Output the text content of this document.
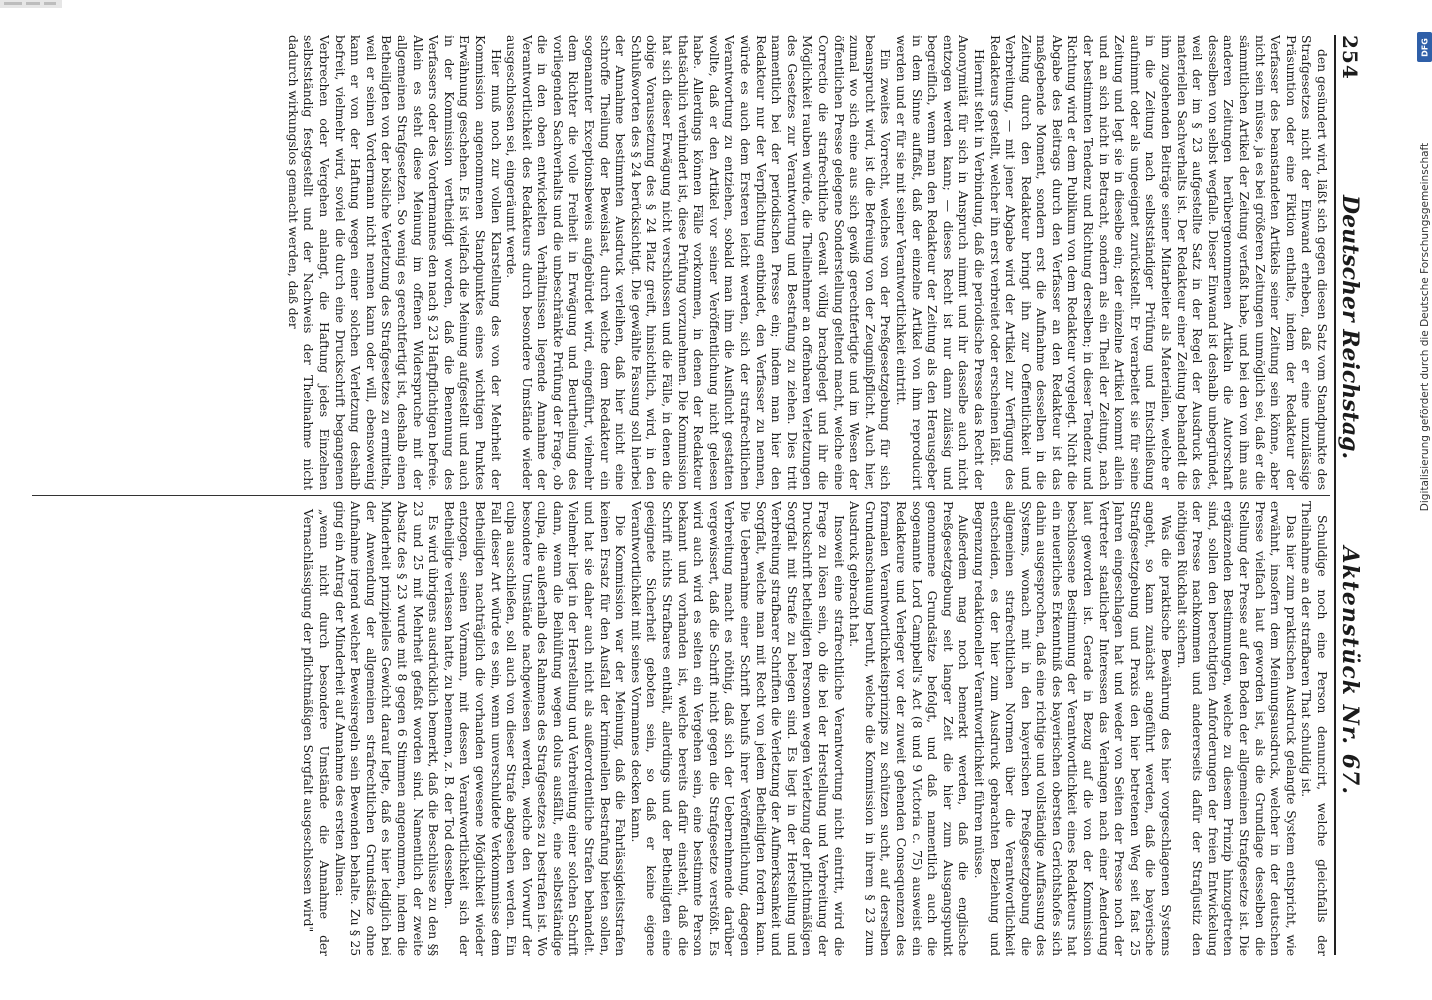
DFG
Digitalisierung gefördert durch die Deutsche Forschungsgemeinschaft
254
Deutscher Reichstag.
Aktenstück Nr. 67.

den gesündert wird, läßt sich gegen diesen Satz vom Standpunkte des Strafgesetzes nicht der Einwand erheben, daß er eine unzulässige Präsumtion oder eine Fiktion enthalte, indem der Redakteur der Verfasser des beanstandeten Artikels seiner Zeitung sein könne, aber nicht sein müsse, ja es bei größeren Zeitungen unmöglich sei, daß er die sämmtlichen Artikel der Zeitung verfaßt habe, und bei den von ihm aus anderen Zeitungen herübergenommenen Artikeln die Autorschaft desselben von selbst wegfalle. Dieser Einwand ist deshalb unbegründet, weil der im § 23 aufgestellte Satz in der Regel der Ausdruck des materiellen Sachverhalts ist. Der Redakteur einer Zeitung behandelt die ihm zugehenden Beiträge seiner Mitarbeiter als Materialien, welche er in die Zeitung nach selbstständiger Prüfung und Entschließung aufnimmt oder als ungeeignet zurückstellt. Er verarbeitet sie für seine Zeitung und legt sie in dieselbe ein; der einzelne Artikel kommt allein und an sich nicht in Betracht, sondern als ein Theil der Zeitung, nach der bestimmten Tendenz und Richtung derselben; in dieser Tendenz und Richtung wird er dem Publikum von dem Redakteur vorgelegt. Nicht die Abgabe des Beitrags durch den Verfasser an den Redakteur ist das maßgebende Moment, sondern erst die Aufnahme desselben in die Zeitung durch den Redakteur bringt ihn zur Oeffentlichkeit und Verbreitung, — mit jener Abgabe wird der Artikel zur Verfügung des Redakteurs gestellt, welcher ihn erst verbreitet oder erscheinen läßt.

Hiermit steht in Verbindung, daß die periodische Presse das Recht der Anonymität für sich in Anspruch nimmt und ihr dasselbe auch nicht entzogen werden kann; — dieses Recht ist nur dann zulässig und begreiflich, wenn man den Redakteur der Zeitung als den Herausgeber in dem Sinne auffaßt, daß der einzelne Artikel von ihm reproducirt werden und er für sie mit seiner Verantwortlichkeit eintritt.

Ein zweites Vorrecht, welches von der Preßgesetzgebung für sich beansprucht wird, ist die Befreiung von der Zeugnißpflicht. Auch hier, zumal wo sich eine aus sich gewiß gerechtfertigte und im Wesen der öffentlichen Presse gelegene Sonderstellung geltend macht, welche eine Correctio die strafrechtliche Gewalt völlig brachgelegt und ihr die Möglichkeit rauben würde, die Theilnehmer an offenbaren Verletzungen des Gesetzes zur Verantwortung und Bestrafung zu ziehen. Dies tritt namentlich bei der periodischen Presse ein; indem man hier den Redakteur nur der Verpflichtung entbindet, den Verfasser zu nennen, würde es auch dem Ersteren leicht werden, sich der strafrechtlichen Verantwortung zu entziehen, sobald man ihm die Ausflucht gestatten wollte, daß er den Artikel vor seiner Veröffentlichung nicht gelesen habe. Allerdings können Fälle vorkommen, in denen der Redakteur thatsächlich verhindert ist, diese Prüfung vorzunehmen. Die Kommission hat sich dieser Erwägung nicht verschlossen und die Fälle, in denen die obige Voraussetzung des § 24 Platz greift, hinsichtlich, wird, in den Schlußworten des § 24 berücksichtigt. Die gewählte Fassung soll hierbei der Annahme bestimmten Ausdruck verleihen, daß hier nicht eine schroffe Theilung der Beweislast, durch welche dem Redakteur ein sogenannter Exceptionsbeweis aufgebürdet wird, eingeführt, vielmehr dem Richter die volle Freiheit in Erwägung und Beurtheilung des vorliegenden Sachverhalts und die unbeschränkte Prüfung der Frage, ob die in den oben entwickelten Verhältnissen liegende Annahme der Verantwortlichkeit des Redakteurs durch besondere Umstände wieder ausgeschlossen sei, eingeräumt werde.

Hier muß noch zur vollen Klarstellung des von der Mehrheit der Kommission angenommenen Standpunktes eines wichtigen Punktes Erwähnung geschehen. Es ist vielfach die Meinung aufgestellt und auch in der Kommission vertheidigt worden, daß die Benennung des Verfassers oder des Vordermannes den nach § 23 Haftpflichtigen befreie. Allein es steht diese Meinung im offenen Widerspruche mit der allgemeinen Strafgesetzen. So wenig es gerechtfertigt ist, deshalb einen Betheiligten von der bösliche Verletzung des Strafgesetzes zu ermitteln, weil er seinen Vordermann nicht nennen kann oder will, ebensowenig kann er von der Haftung wegen einer solchen Verletzung deshalb befreit, vielmehr wird, soviel die durch eine Druckschrift begangenen Verbrechen oder Vergehen anlangt, die Haftung jedes Einzelnen selbstständig festgestellt und der Nachweis der Theilnahme nicht dadurch wirkungslos gemacht werden, daß der

Schuldige noch eine Person denuncirt, welche gleichfalls der Theilnahme an der strafbaren That schuldig ist.

Das hier zum praktischen Ausdruck gelangte System entspricht, wie erwähnt, insofern dem Meinungsausdruck, welcher in der deutschen Presse vielfach laut geworden ist, als die Grundlage desselben die Stellung der Presse auf den Boden der allgemeinen Strafgesetze ist. Die ergänzenden Bestimmungen, welche zu diesem Prinzip hinzugetreten sind, sollen den berechtigten Anforderungen der freien Entwickelung der Presse nachkommen und andererseits dafür der Strafjustiz den nöthigen Rückhalt sichern.

Was die praktische Bewährung des hier vorgeschlagenen Systems angeht, so kann zunächst angeführt werden, daß die bayerische Strafgesetzgebung und Praxis den hier betretenen Weg seit fast 25 Jahren eingeschlagen hat und weder von Seiten der Presse noch der Vertreter staatlicher Interessen das Verlangen nach einer Aenderung laut geworden ist. Gerade in Bezug auf die von der Kommission beschlossene Bestimmung der Verantwortlichkeit eines Redakteurs hat ein neuerliches Erkenntniß des bayerischen obersten Gerichtshofes sich dahin ausgesprochen, daß eine richtige und vollständige Auffassung des Systems, wonach mit in den bayerischen Preßgesetzgebung die allgemeinen strafrechtlichen Normen über die Verantwortlichkeit entscheiden, es der hier zum Ausdruck gebrachten Beziehung und Begrenzung redaktioneller Verantwortlichkeit führen müsse.

Außerdem mag noch bemerkt werden, daß die englische Preßgesetzgebung seit langer Zeit die hier zum Ausgangspunkt genommene Grundsätze befolgt, und daß namentlich auch die sogenannte Lord Campbell's Act (8 und 9 Victoria c. 75) ausweist ein Redakteure und Verleger vor der zuweit gehenden Consequenzen des formalen Verantwortlichkeitsprinzips zu schützen sucht, auf derselben Grundanschauung beruht, welche die Kommission in ihrem § 23 zum Ausdruck gebracht hat.

Insoweit eine strafrechtliche Verantwortung nicht eintritt, wird die Frage zu lösen sein, ob die bei der Herstellung und Verbreitung der Druckschrift betheiligten Personen wegen Verletzung der pflichtmäßigen Sorgfalt mit Strafe zu belegen sind. Es liegt in der Herstellung und Verbreitung strafbarer Schriften die Verletzung der Aufmerksamkeit und Sorgfalt, welche man mit Recht von jedem Betheiligten fordern kann. Die Uebernahme einer Schrift behufs ihrer Veröffentlichung, dagegen Verbreitung macht es nöthig, daß sich der Uebernehmende darüber vergewissert, daß die Schrift nicht gegen die Strafgesetze verstößt. Es wird auch wird es selten ein Vergehen sein, eine bestimmte Person bekannt und vorhanden ist, welche bereits dafür einsteht, daß die Schrift nichts Strafbares enthält, allerdings und der Betheiligten eine geeignete Sicherheit geboten sein, so daß er keine eigene Verantwortlichkeit mit seines Vormannes decken kann.

Die Kommission war der Meinung, daß die Fahrlässigkeitsstrafen keinen Ersatz für den Ausfall der kriminellen Bestrafung bieten sollen, und hat sie daher auch nicht als außerordentliche Strafen behandelt. Vielmehr liegt in der Herstellung und Verbreitung einer solchen Schrift dann, wenn die Beihülfung wegen dolus ausfällt, eine selbstständige culpa, die außerhalb des Rahmens des Strafgesetzes zu bestrafen ist. Wo besondere Umstände nachgewiesen werden, welche den Vorwurf der culpa ausschließen, soll auch von dieser Strafe abgesehen werden. Ein Fall dieser Art würde es sein, wenn unverschuldete Verkommnisse dem Betheiligten nachträglich die vorhanden gewesene Möglichkeit wieder entzogen, seinen Vormann, mit dessen Verantwortlichkeit sich der Betheiligte verlassen hatte, zu benennen, z. B. der Tod desselben.

Es wird übrigens ausdrücklich bemerkt, daß die Beschlüsse zu den §§ 23 und 25 mit Mehrheit gefaßt worden sind. Namentlich der zweite Absatz des § 23 wurde mit 8 gegen 6 Stimmen angenommen, indem die Minderheit prinzipielles Gewicht darauf legte, daß es hier lediglich bei der Anwendung der allgemeinen strafrechtlichen Grundsätze ohne Aufnahme irgend welcher Beweisregeln sein Bewenden behalte. Zu § 25 ging ein Antrag der Minderheit auf Annahme des ersten Alinea:

„wenn nicht durch besondere Umstände die Annahme der Vernachlässigung der pflichtmäßigen Sorgfalt ausgeschlossen wird"
